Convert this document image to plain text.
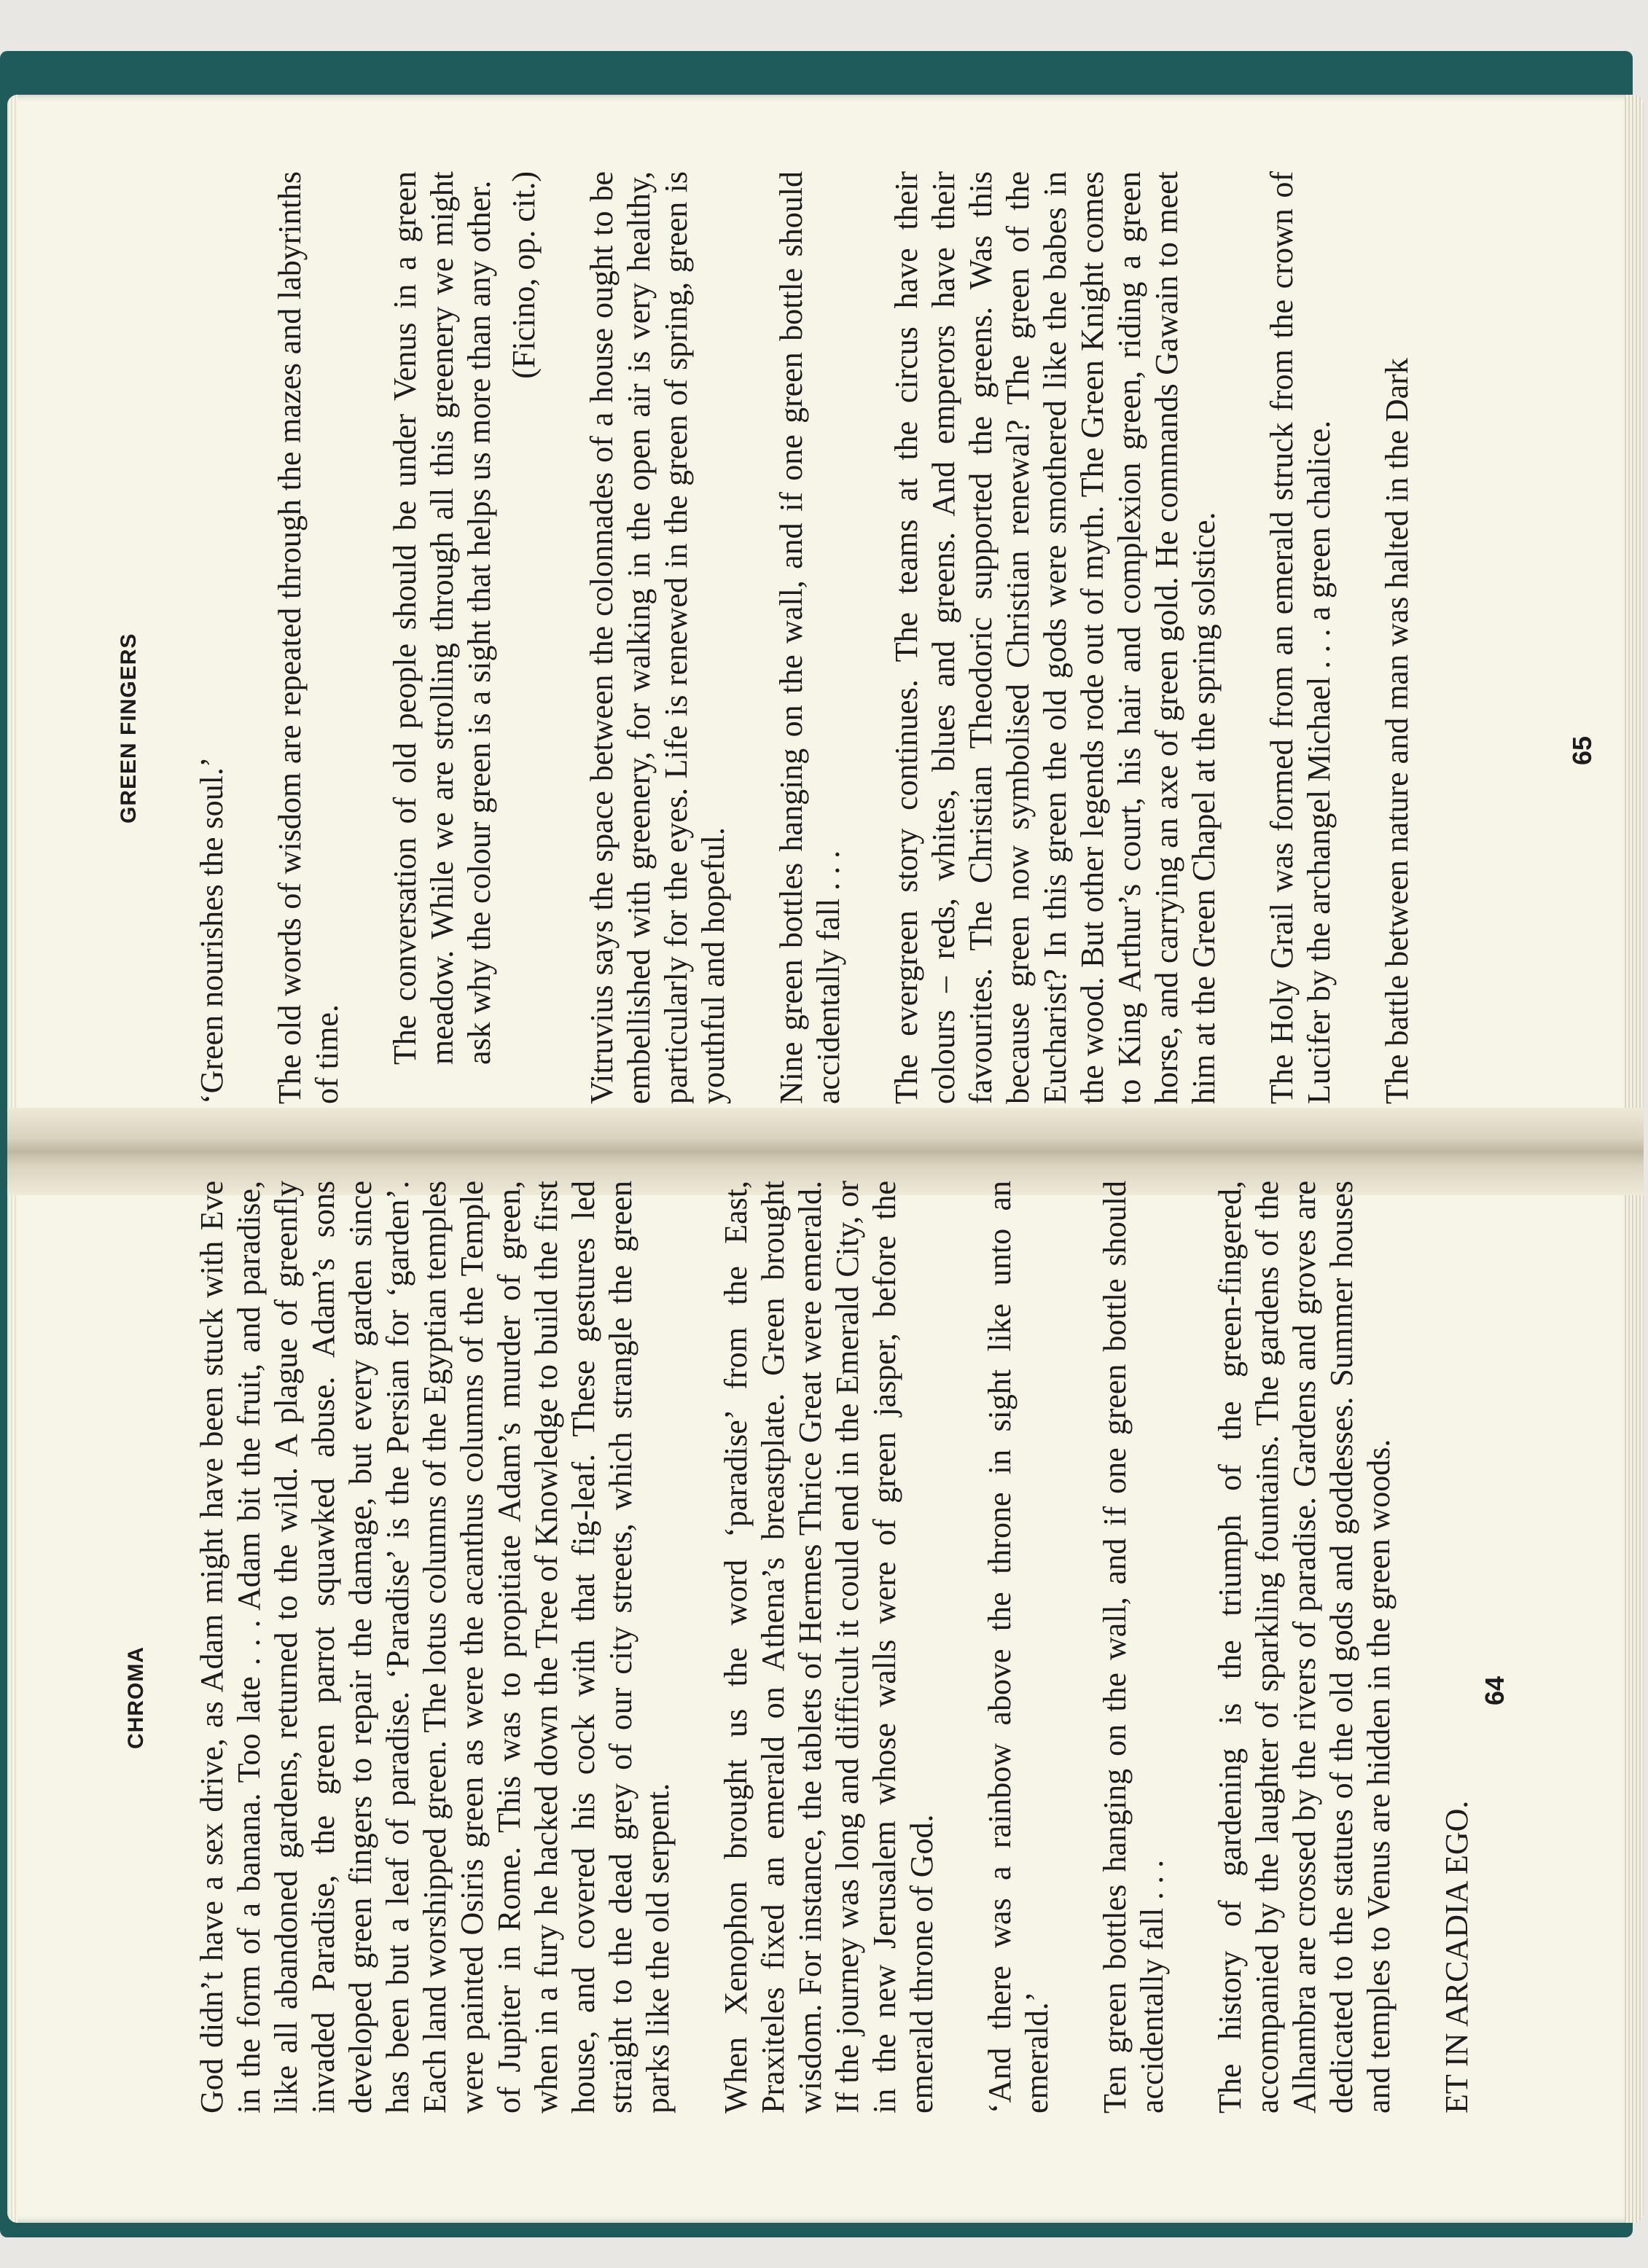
GREEN FINGERS

‘Green nourishes the soul.’ The old words of wisdom are repeated through the mazes and labyrinths of time. The conversation of old people should be under Venus in a green meadow. While we are strolling through all this greenery we might ask why the colour green is a sight that helps us more than any other. (Ficino, op. cit.) Vitruvius says the space between the colonnades of a house ought to be embellished with greenery, for walking in the open air is very healthy, particularly for the eyes. Life is renewed in the green of spring, green is youthful and hopeful. Nine green bottles hanging on the wall, and if one green bottle should accidentally fall . . . The evergreen story continues. The teams at the circus have their colours – reds, whites, blues and greens. And emperors have their favourites. The Christian Theodoric supported the greens. Was this because green now symbolised Christian renewal? The green of the Eucharist? In this green the old gods were smothered like the babes in the wood. But other legends rode out of myth. The Green Knight comes to King Arthur’s court, his hair and complexion green, riding a green horse, and carrying an axe of green gold. He commands Gawain to meet him at the Green Chapel at the spring solstice. The Holy Grail was formed from an emerald struck from the crown of Lucifer by the archangel Michael . . . a green chalice. The battle between nature and man was halted in the Dark	65
CHROMA God didn’t have a sex drive, as Adam might have been stuck with Eve in the form of a banana. Too late . . . Adam bit the fruit, and paradise, like all abandoned gardens, returned to the wild. A plague of greenfly invaded Paradise, the green parrot squawked abuse. Adam’s sons developed green fingers to repair the damage, but every garden since has been but a leaf of paradise. ‘Paradise’ is the Persian for ‘garden’. Each land worshipped green. The lotus columns of the Egyptian temples were painted Osiris green as were the acanthus columns of the Temple of Jupiter in Rome. This was to propitiate Adam’s murder of green, when in a fury he hacked down the Tree of Knowledge to build the first house, and covered his cock with that fig-leaf. These gestures led straight to the dead grey of our city streets, which strangle the green parks like the old serpent. When Xenophon brought us the word ‘paradise’ from the East, Praxiteles fixed an emerald on Athena’s breastplate. Green brought wisdom. For instance, the tablets of Hermes Thrice Great were emerald. If the journey was long and difficult it could end in the Emerald City, or in the new Jerusalem whose walls were of green jasper, before the emerald throne of God. ‘And there was a rainbow above the throne in sight like unto an emerald.’ Ten green bottles hanging on the wall, and if one green bottle should accidentally fall . . . The history of gardening is the triumph of the green-fingered, accompanied by the laughter of sparkling fountains. The gardens of the Alhambra are crossed by the rivers of paradise. Gardens and groves are dedicated to the statues of the old gods and goddesses. Summer houses and temples to Venus are hidden in the green woods. ET IN ARCADIA EGO.

64
